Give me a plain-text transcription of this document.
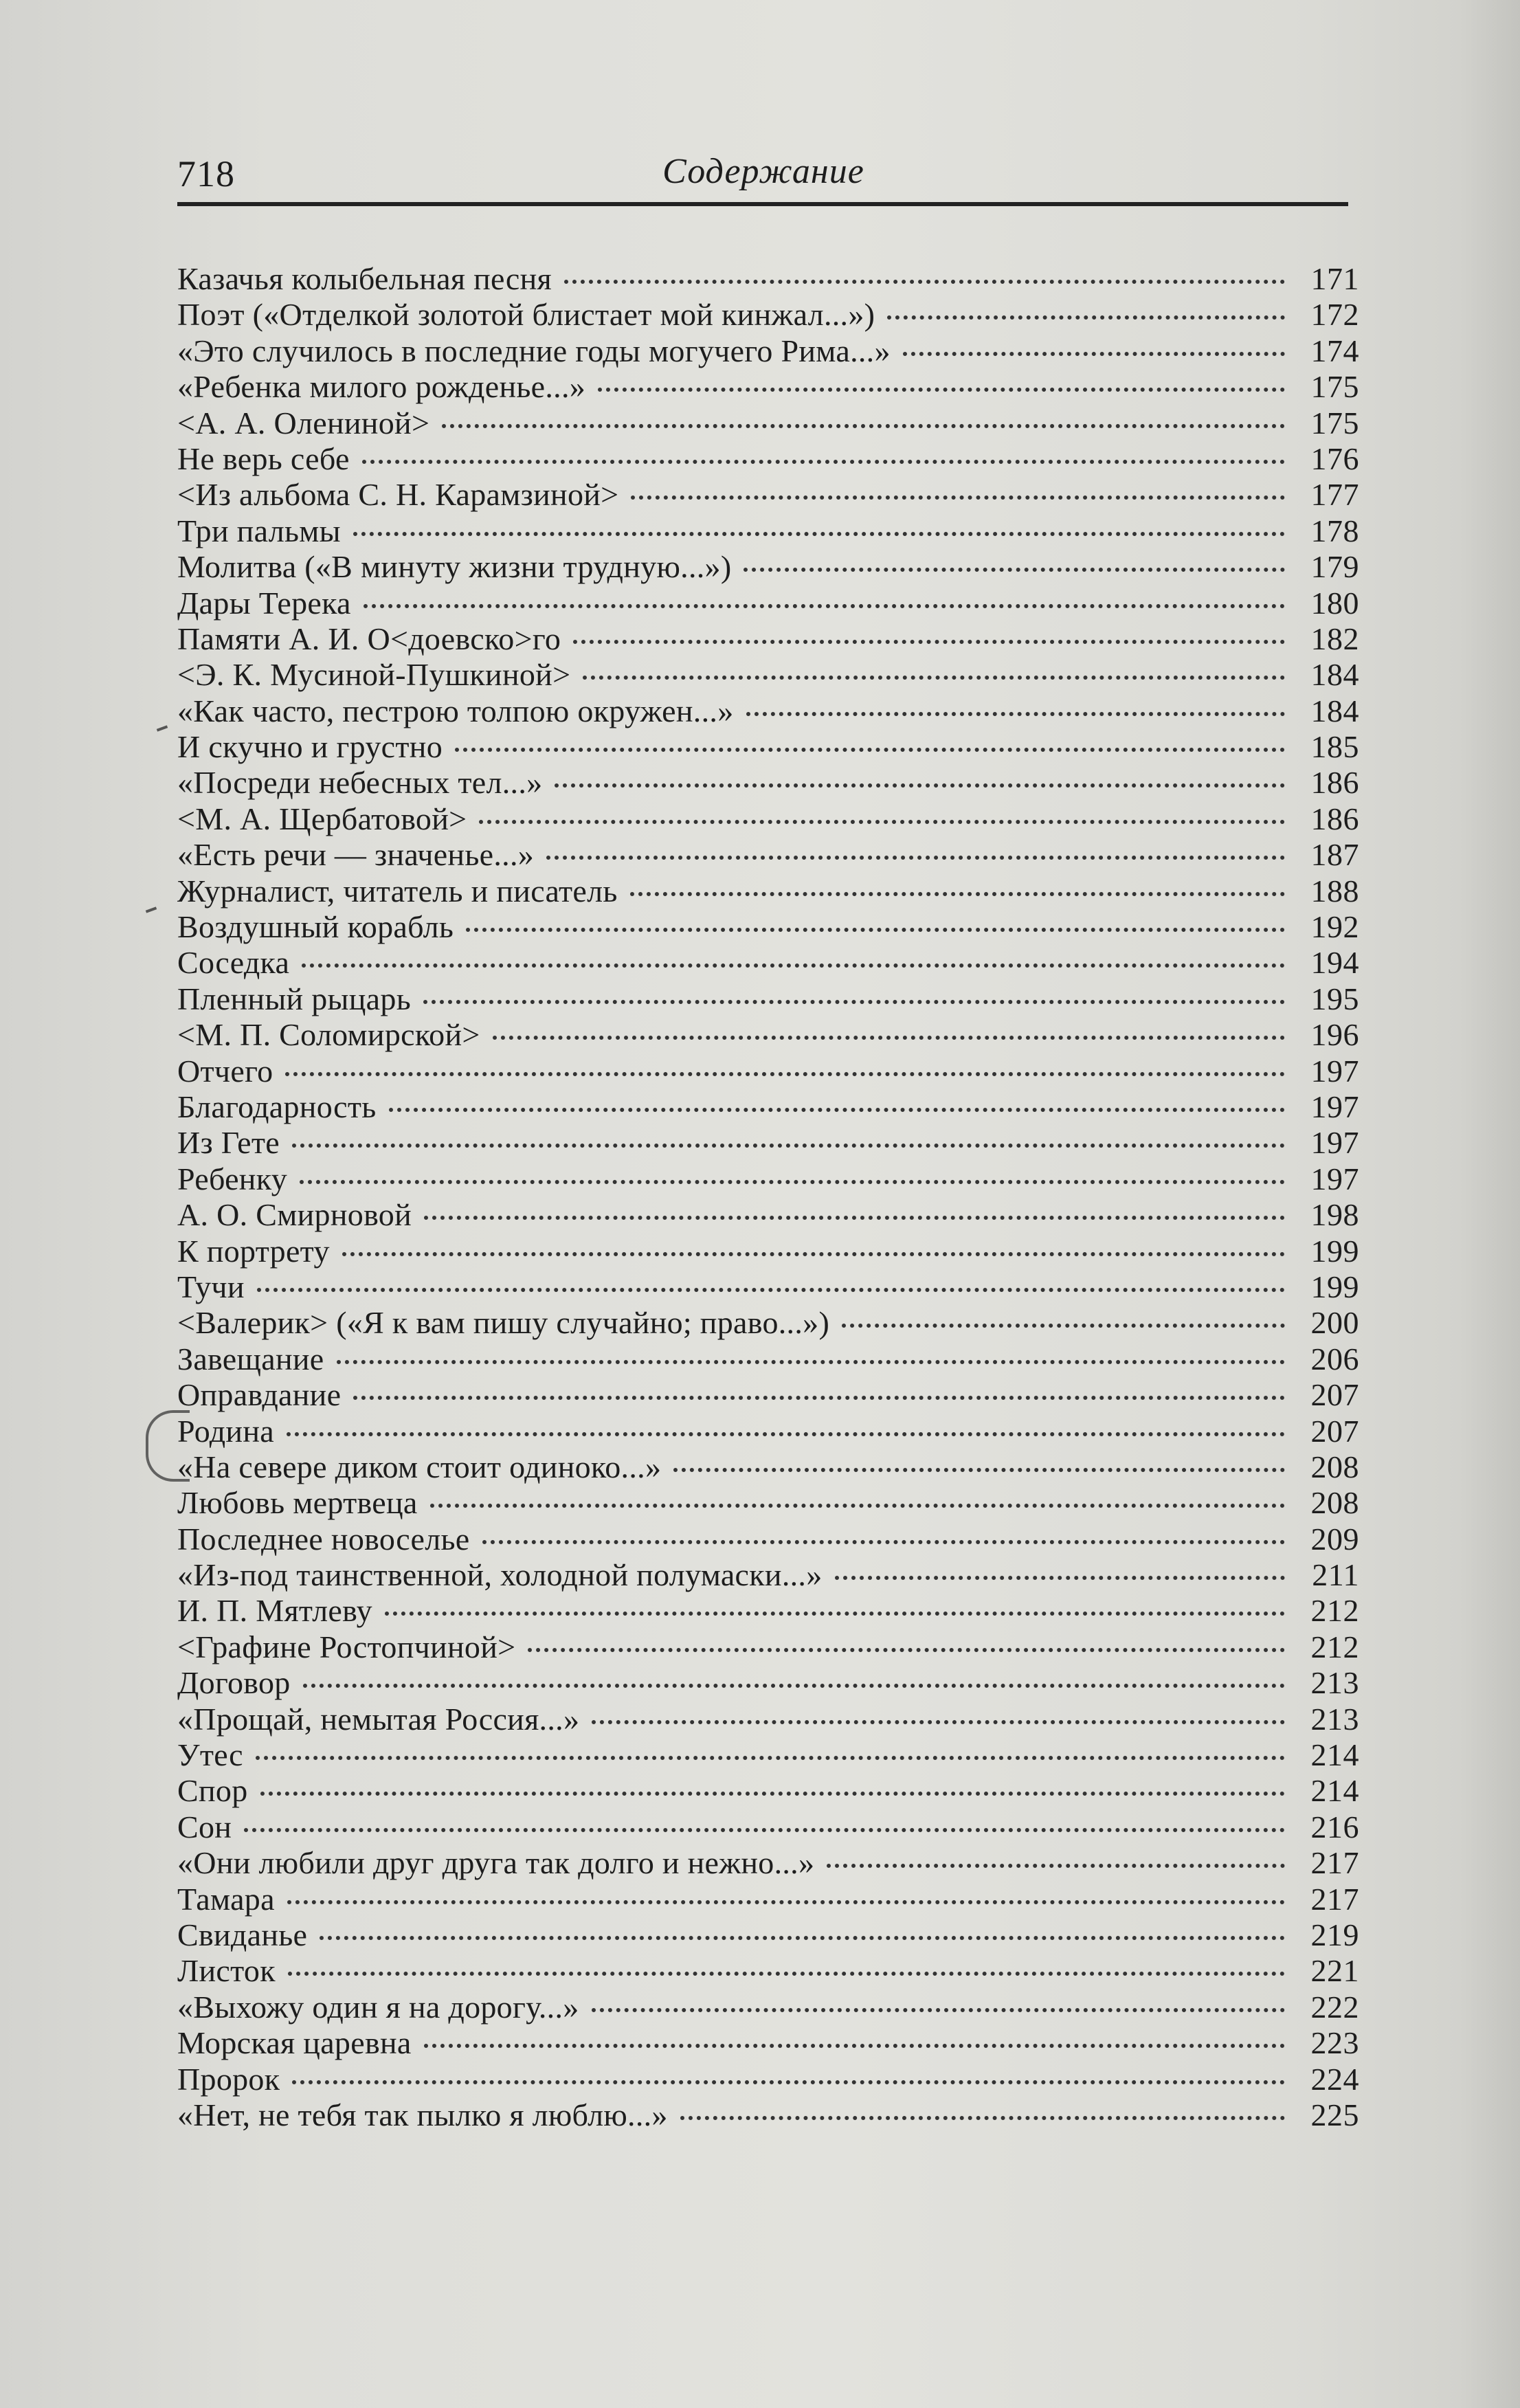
718	Содержание
Казачья колыбельная песня	171
Поэт («Отделкой золотой блистает мой кинжал...»)	172
«Это случилось в последние годы могучего Рима...»	174
«Ребенка милого рожденье...»	175
<А. А. Олениной>	175
Не верь себе	176
<Из альбома С. Н. Карамзиной>	177
Три пальмы	178
Молитва («В минуту жизни трудную...»)	179
Дары Терека	180
Памяти А. И. О<доевско>го	182
<Э. К. Мусиной-Пушкиной>	184
«Как часто, пестрою толпою окружен...»	184
И скучно и грустно	185
«Посреди небесных тел...»	186
<М. А. Щербатовой>	186
«Есть речи — значенье...»	187
Журналист, читатель и писатель	188
Воздушный корабль	192
Соседка	194
Пленный рыцарь	195
<М. П. Соломирской>	196
Отчего	197
Благодарность	197
Из Гете	197
Ребенку	197
А. О. Смирновой	198
К портрету	199
Тучи	199
<Валерик> («Я к вам пишу случайно; право...»)	200
Завещание	206
Оправдание	207
Родина	207
«На севере диком стоит одиноко...»	208
Любовь мертвеца	208
Последнее новоселье	209
«Из-под таинственной, холодной полумаски...»	211
И. П. Мятлеву	212
<Графине Ростопчиной>	212
Договор	213
«Прощай, немытая Россия...»	213
Утес	214
Спор	214
Сон	216
«Они любили друг друга так долго и нежно...»	217
Тамара	217
Свиданье	219
Листок	221
«Выхожу один я на дорогу...»	222
Морская царевна	223
Пророк	224
«Нет, не тебя так пылко я люблю...»	225
